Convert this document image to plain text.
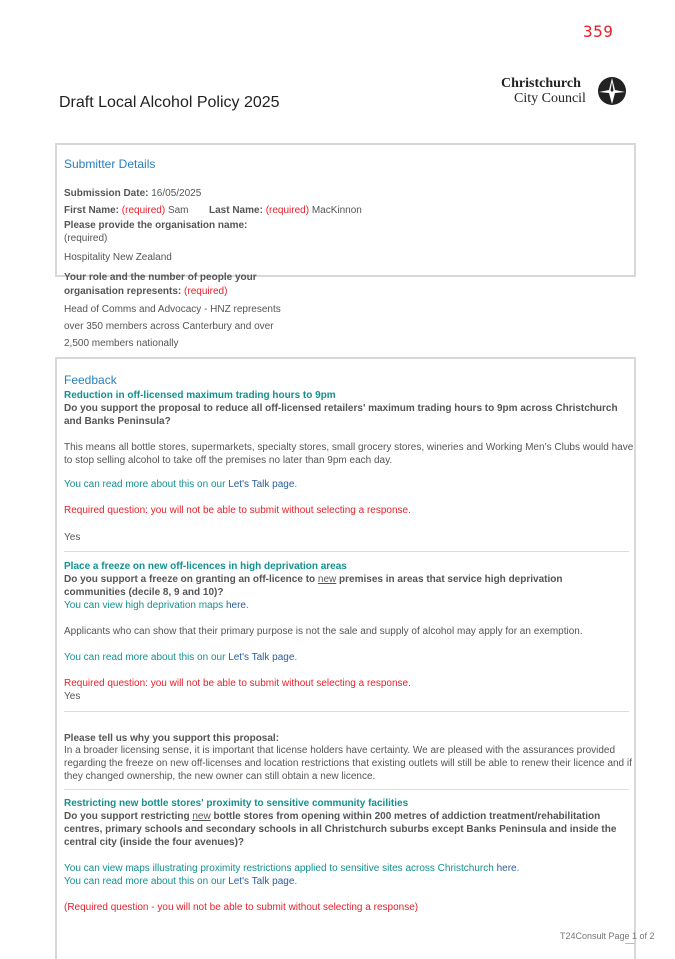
359
Draft Local Alcohol Policy 2025
Christchurch
City Council
Submitter Details
Submission Date: 16/05/2025
First Name: (required) Sam Last Name: (required) MacKinnon
Please provide the organisation name:
(required)
Hospitality New Zealand
Your role and the number of people your
organisation represents: (required)
Head of Comms and Advocacy - HNZ represents
over 350 members across Canterbury and over
2,500 members nationally
Feedback
Reduction in off-licensed maximum trading hours to 9pm
Do you support the proposal to reduce all off-licensed retailers' maximum trading hours to 9pm across Christchurch
and Banks Peninsula?
This means all bottle stores, supermarkets, specialty stores, small grocery stores, wineries and Working Men’s Clubs would have
to stop selling alcohol to take off the premises no later than 9pm each day.
You can read more about this on our Let's Talk page.
Required question: you will not be able to submit without selecting a response.
Yes
Place a freeze on new off-licences in high deprivation areas
Do you support a freeze on granting an off-licence to new premises in areas that service high deprivation
communities (decile 8, 9 and 10)?
You can view high deprivation maps here.
Applicants who can show that their primary purpose is not the sale and supply of alcohol may apply for an exemption.
You can read more about this on our Let's Talk page.
Required question: you will not be able to submit without selecting a response.
Yes
Please tell us why you support this proposal:
In a broader licensing sense, it is important that license holders have certainty. We are pleased with the assurances provided
regarding the freeze on new off-licenses and location restrictions that existing outlets will still be able to renew their licence and if
they changed ownership, the new owner can still obtain a new licence.
Restricting new bottle stores' proximity to sensitive community facilities
Do you support restricting new bottle stores from opening within 200 metres of addiction treatment/rehabilitation
centres, primary schools and secondary schools in all Christchurch suburbs except Banks Peninsula and inside the
central city (inside the four avenues)?
You can view maps illustrating proximity restrictions applied to sensitive sites across Christchurch here.
You can read more about this on our Let's Talk page.
(Required question - you will not be able to submit without selecting a response)
T24Consult Page 1 of 2
